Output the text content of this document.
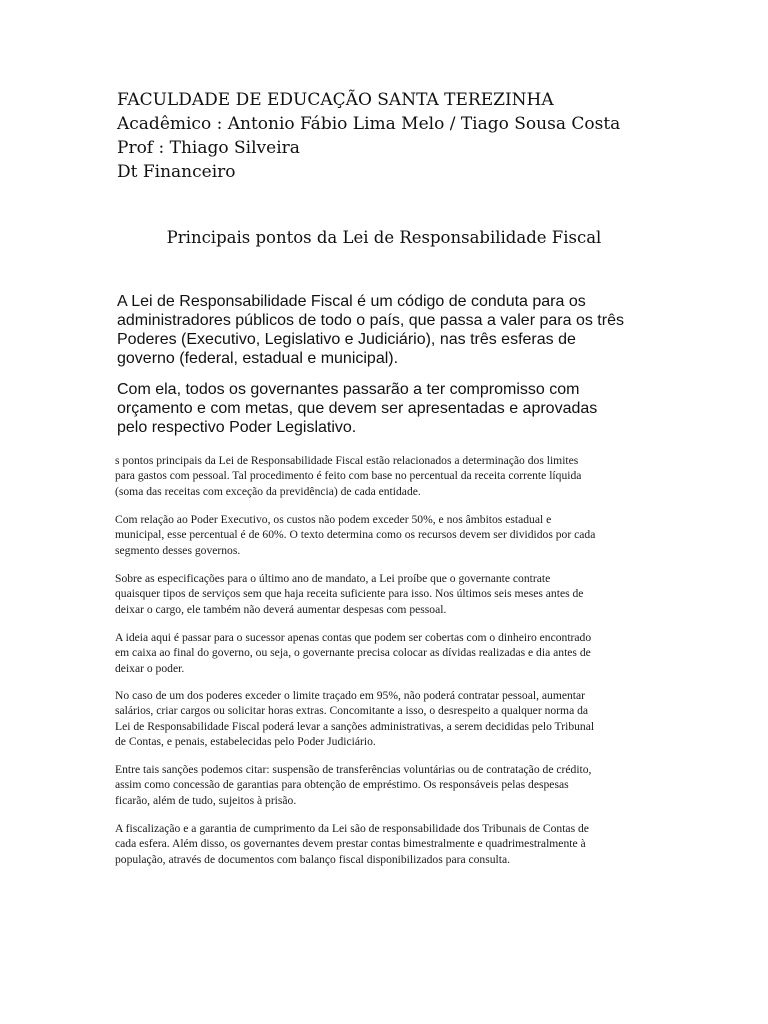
FACULDADE DE EDUCAÇÃO SANTA TEREZINHA
Acadêmico : Antonio Fábio Lima Melo / Tiago Sousa Costa
Prof : Thiago Silveira
Dt Financeiro
Principais pontos da Lei de Responsabilidade Fiscal

A Lei de Responsabilidade Fiscal é um código de conduta para os
administradores públicos de todo o país, que passa a valer para os três
Poderes (Executivo, Legislativo e Judiciário), nas três esferas de
governo (federal, estadual e municipal).

Com ela, todos os governantes passarão a ter compromisso com
orçamento e com metas, que devem ser apresentadas e aprovadas
pelo respectivo Poder Legislativo.

s pontos principais da Lei de Responsabilidade Fiscal estão relacionados a determinação dos limites
para gastos com pessoal. Tal procedimento é feito com base no percentual da receita corrente líquida
(soma das receitas com exceção da previdência) de cada entidade.

Com relação ao Poder Executivo, os custos não podem exceder 50%, e nos âmbitos estadual e
municipal, esse percentual é de 60%. O texto determina como os recursos devem ser divididos por cada
segmento desses governos.

Sobre as especificações para o último ano de mandato, a Lei proíbe que o governante contrate
quaisquer tipos de serviços sem que haja receita suficiente para isso. Nos últimos seis meses antes de
deixar o cargo, ele também não deverá aumentar despesas com pessoal.

A ideia aqui é passar para o sucessor apenas contas que podem ser cobertas com o dinheiro encontrado
em caixa ao final do governo, ou seja, o governante precisa colocar as dívidas realizadas e dia antes de
deixar o poder.

No caso de um dos poderes exceder o limite traçado em 95%, não poderá contratar pessoal, aumentar
salários, criar cargos ou solicitar horas extras. Concomitante a isso, o desrespeito a qualquer norma da
Lei de Responsabilidade Fiscal poderá levar a sanções administrativas, a serem decididas pelo Tribunal
de Contas, e penais, estabelecidas pelo Poder Judiciário.

Entre tais sanções podemos citar: suspensão de transferências voluntárias ou de contratação de crédito,
assim como concessão de garantias para obtenção de empréstimo. Os responsáveis pelas despesas
ficarão, além de tudo, sujeitos à prisão.

A fiscalização e a garantia de cumprimento da Lei são de responsabilidade dos Tribunais de Contas de
cada esfera. Além disso, os governantes devem prestar contas bimestralmente e quadrimestralmente à
população, através de documentos com balanço fiscal disponibilizados para consulta.
